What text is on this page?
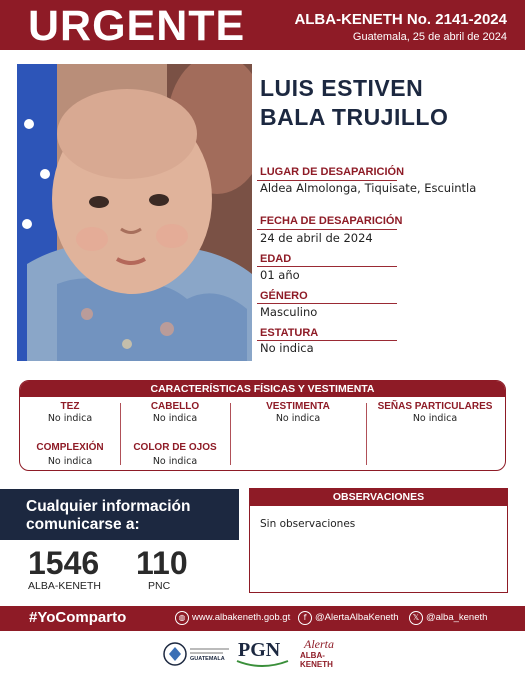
URGENTE	ALBA-KENETH No. 2141-2024
Guatemala, 25 de abril de 2024
LUIS ESTIVEN
BALA TRUJILLO
LUGAR DE DESAPARICIÓN
Aldea Almolonga, Tiquisate, Escuintla
FECHA DE DESAPARICIÓN
24 de abril de 2024
EDAD
01 año
GÉNERO
Masculino
ESTATURA
No indica
CARACTERÍSTICAS FÍSICAS Y VESTIMENTA
TEZ
No indica
CABELLO
No indica
VESTIMENTA
No indica
SEÑAS PARTICULARES
No indica
COMPLEXIÓN
No indica
COLOR DE OJOS
No indica
Cualquier información
comunicarse a:
1546
ALBA-KENETH
110
PNC
OBSERVACIONES
Sin observaciones
#YoComparto	◍ www.albakeneth.gob.gt	f @AlertaAlbaKeneth	𝕏 @alba_keneth
GUATEMALA PGN Alerta
ALBA-KENETH
